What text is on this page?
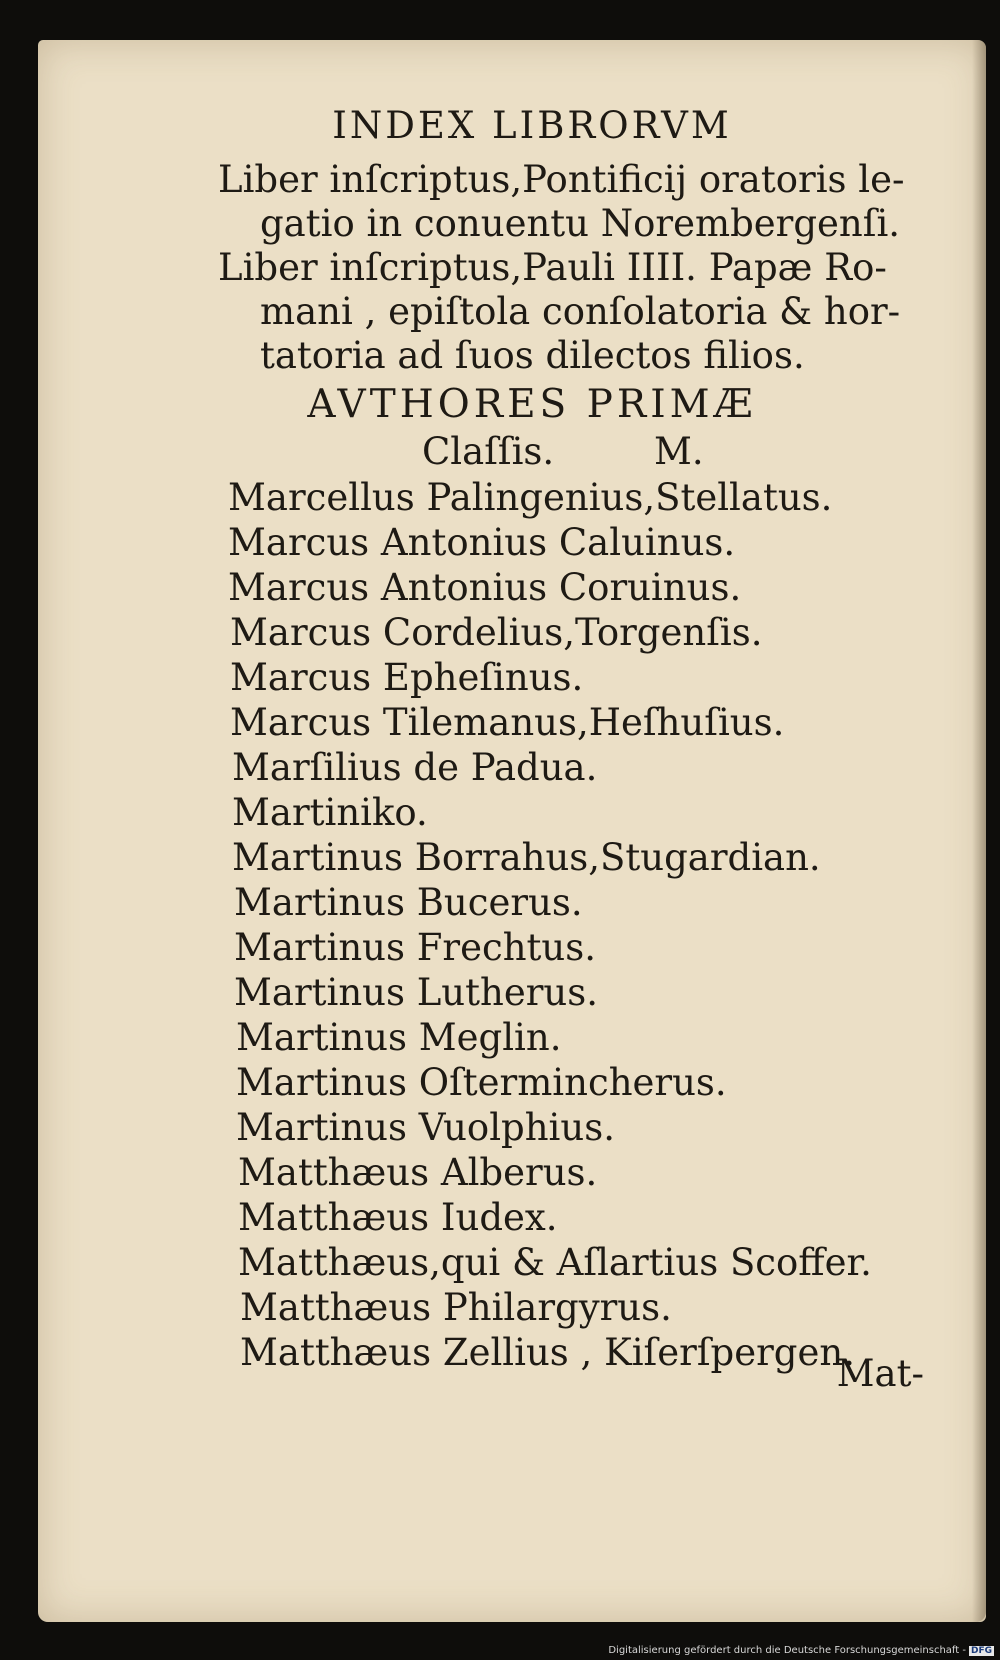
INDEX LIBRORVM
Liber inſcriptus,Pontificij oratoris le-
gatio in conuentu Norembergenſi.
Liber inſcriptus,Pauli IIII. Papæ Ro-
mani , epiſtola conſolatoria & hor-
tatoria ad ſuos dilectos filios.
AVTHORES PRIMÆ
Claſſis.	M.
Marcellus Palingenius,Stellatus.
Marcus Antonius Caluinus.
Marcus Antonius Coruinus.
Marcus Cordelius,Torgenſis.
Marcus Epheſinus.
Marcus Tilemanus,Heſhuſius.
Marſilius de Padua.
Martiniko.
Martinus Borrahus,Stugardian.
Martinus Bucerus.
Martinus Frechtus.
Martinus Lutherus.
Martinus Meglin.
Martinus Oſtermincherus.
Martinus Vuolphius.
Matthæus Alberus.
Matthæus Iudex.
Matthæus,qui & Aſlartius Scoffer.
Matthæus Philargyrus.
Matthæus Zellius , Kiſerſpergen.
Mat-
Digitalisierung gefördert durch die Deutsche Forschungsgemeinschaft - DFG
